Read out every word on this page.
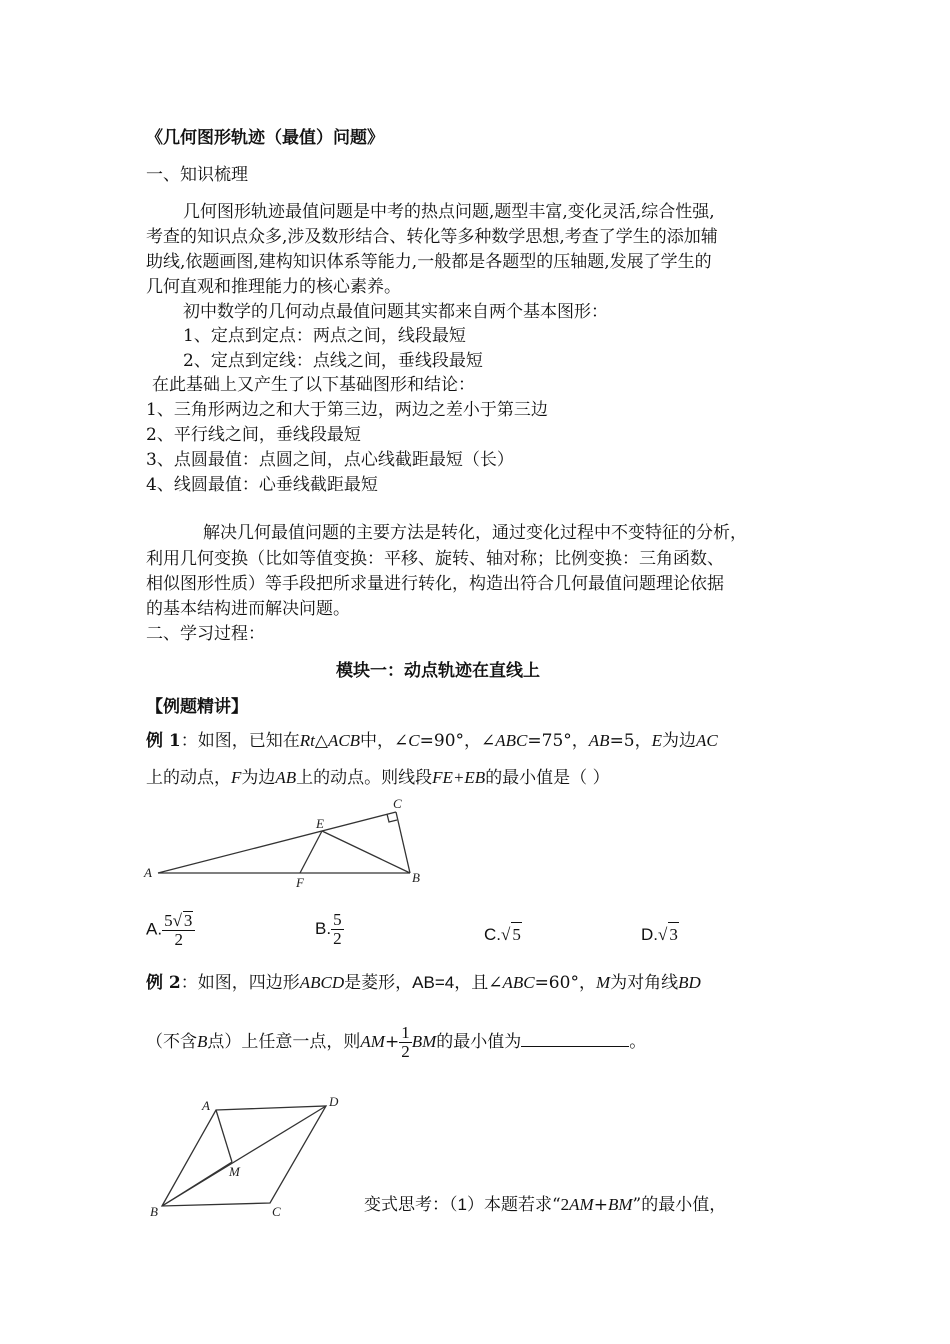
《几何图形轨迹（最值）问题》
一、知识梳理
几何图形轨迹最值问题是中考的热点问题,题型丰富,变化灵活,综合性强,
考查的知识点众多,涉及数形结合、转化等多种数学思想,考查了学生的添加辅
助线,依题画图,建构知识体系等能力,一般都是各题型的压轴题,发展了学生的
几何直观和推理能力的核心素养。
初中数学的几何动点最值问题其实都来自两个基本图形：
1、定点到定点：两点之间，线段最短
2、定点到定线：点线之间，垂线段最短
在此基础上又产生了以下基础图形和结论：
1、三角形两边之和大于第三边，两边之差小于第三边
2、平行线之间，垂线段最短
3、点圆最值：点圆之间，点心线截距最短（长）
4、线圆最值：心垂线截距最短
解决几何最值问题的主要方法是转化，通过变化过程中不变特征的分析，
利用几何变换（比如等值变换：平移、旋转、轴对称；比例变换：三角函数、
相似图形性质）等手段把所求量进行转化，构造出符合几何最值问题理论依据
的基本结构进而解决问题。
二、学习过程：
模块一：动点轨迹在直线上
【例题精讲】
例 1：如图，已知在Rt△ACB中，∠C=90°，∠ABC=75°，AB=5，E为边AC
上的动点，F为边AB上的动点。则线段FE+EB的最小值是（ ）
A	B
C
E
F
A. $\frac{5√ 3}{2}$	B. $\frac{5}{2}$	C.√ 5	D.√ 3
例 2：如图，四边形ABCD是菱形，AB=4，且∠ABC=60°，M为对角线BD
（不含B点）上任意一点，则$AM+ \frac{1}{2}$ BM的最小值为	。
A
B	C
D
M
变式思考：（1）本题若求“2AM+BM”的最小值，
